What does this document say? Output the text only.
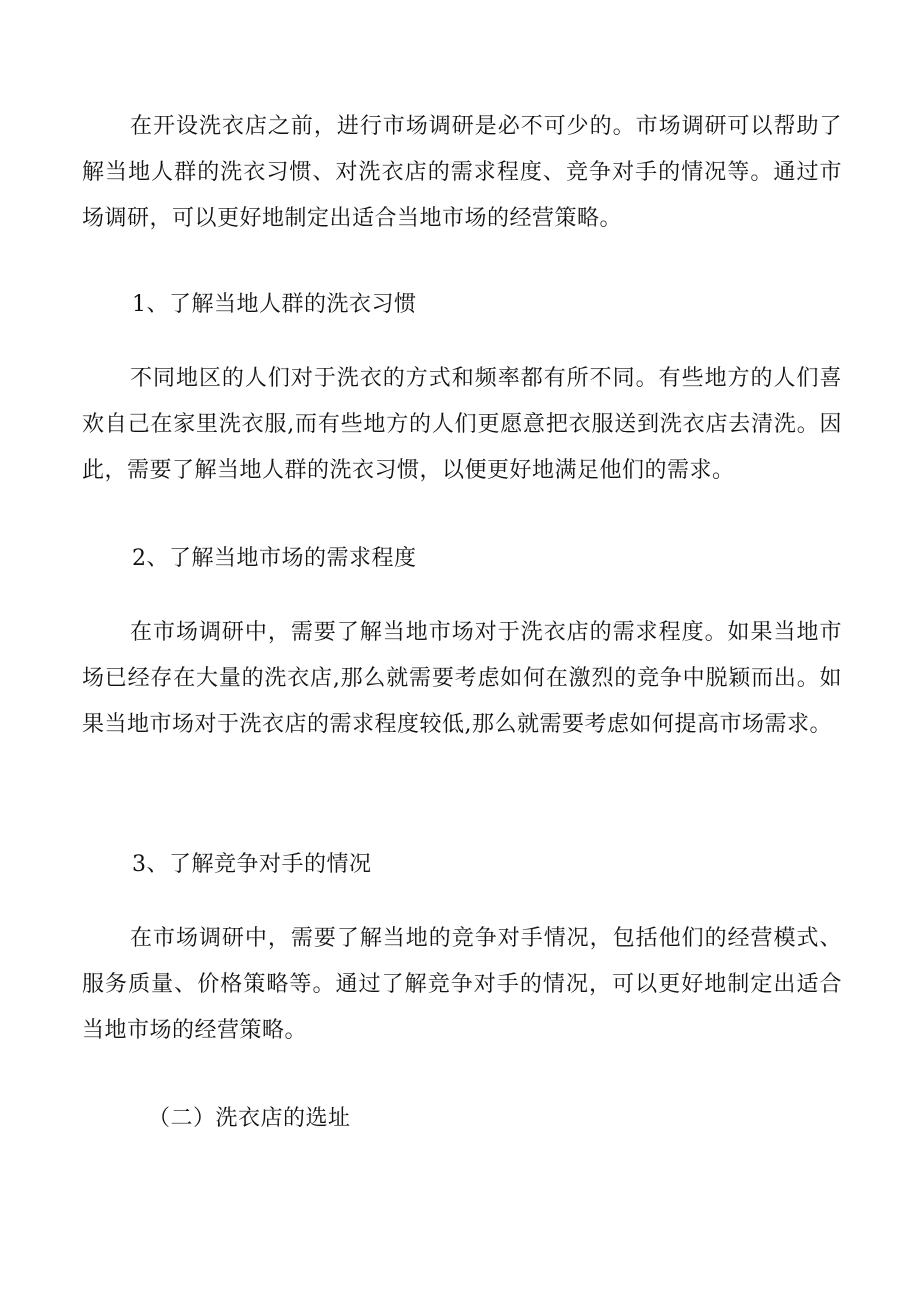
在开设洗衣店之前，进行市场调研是必不可少的。市场调研可以帮助了解当地人群的洗衣习惯、对洗衣店的需求程度、竞争对手的情况等。通过市场调研，可以更好地制定出适合当地市场的经营策略。

1、了解当地人群的洗衣习惯

不同地区的人们对于洗衣的方式和频率都有所不同。有些地方的人们喜欢自己在家里洗衣服,而有些地方的人们更愿意把衣服送到洗衣店去清洗。因此，需要了解当地人群的洗衣习惯，以便更好地满足他们的需求。

2、了解当地市场的需求程度

在市场调研中，需要了解当地市场对于洗衣店的需求程度。如果当地市场已经存在大量的洗衣店,那么就需要考虑如何在激烈的竞争中脱颖而出。如果当地市场对于洗衣店的需求程度较低,那么就需要考虑如何提高市场需求。

3、了解竞争对手的情况

在市场调研中，需要了解当地的竞争对手情况，包括他们的经营模式、服务质量、价格策略等。通过了解竞争对手的情况，可以更好地制定出适合当地市场的经营策略。

（二）洗衣店的选址
